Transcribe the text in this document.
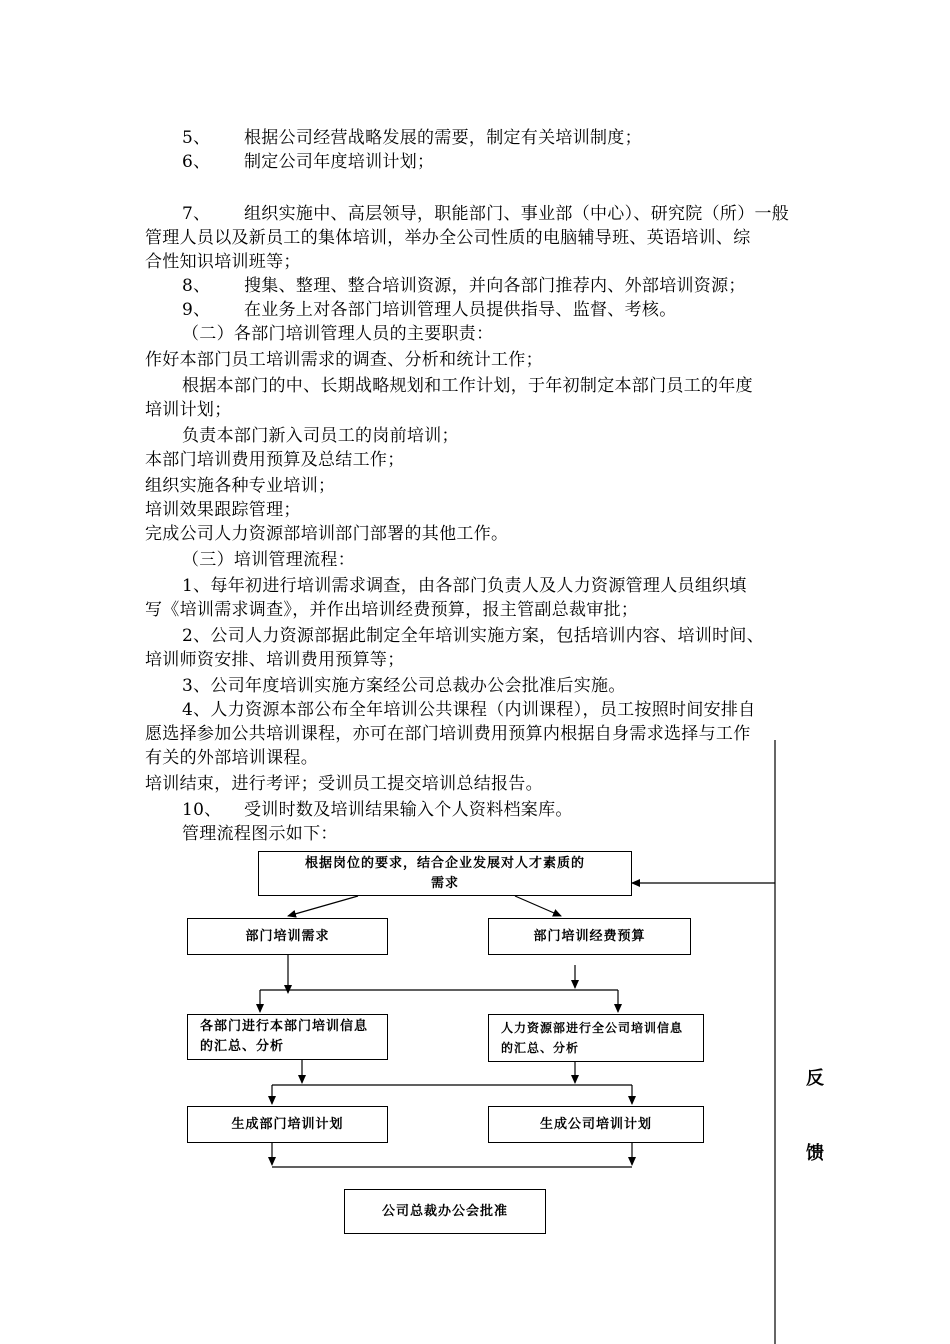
5、 根据公司经营战略发展的需要，制定有关培训制度；
6、 制定公司年度培训计划；
7、 组织实施中、高层领导，职能部门、事业部（中心）、研究院（所）一般
管理人员以及新员工的集体培训，举办全公司性质的电脑辅导班、英语培训、综
合性知识培训班等；
8、 搜集、整理、整合培训资源，并向各部门推荐内、外部培训资源；
9、 在业务上对各部门培训管理人员提供指导、监督、考核。
（二）各部门培训管理人员的主要职责：
作好本部门员工培训需求的调查、分析和统计工作；
根据本部门的中、长期战略规划和工作计划，于年初制定本部门员工的年度
培训计划；
负责本部门新入司员工的岗前培训；
本部门培训费用预算及总结工作；
组织实施各种专业培训；
培训效果跟踪管理；
完成公司人力资源部培训部门部署的其他工作。
（三）培训管理流程：
1、每年初进行培训需求调查，由各部门负责人及人力资源管理人员组织填
写《培训需求调查》，并作出培训经费预算，报主管副总裁审批；
2、公司人力资源部据此制定全年培训实施方案，包括培训内容、培训时间、
培训师资安排、培训费用预算等；
3、公司年度培训实施方案经公司总裁办公会批准后实施。
4、人力资源本部公布全年培训公共课程（内训课程），员工按照时间安排自
愿选择参加公共培训课程，亦可在部门培训费用预算内根据自身需求选择与工作
有关的外部培训课程。
培训结束，进行考评；受训员工提交培训总结报告。
10、 受训时数及培训结果输入个人资料档案库。
管理流程图示如下：
根据岗位的要求，结合企业发展对人才素质的需求
部门培训需求	部门培训经费预算
各部门进行本部门培训信息的汇总、分析
人力资源部进行全公司培训信息的汇总、分析
生成部门培训计划	生成公司培训计划
公司总裁办公会批准
反
馈
